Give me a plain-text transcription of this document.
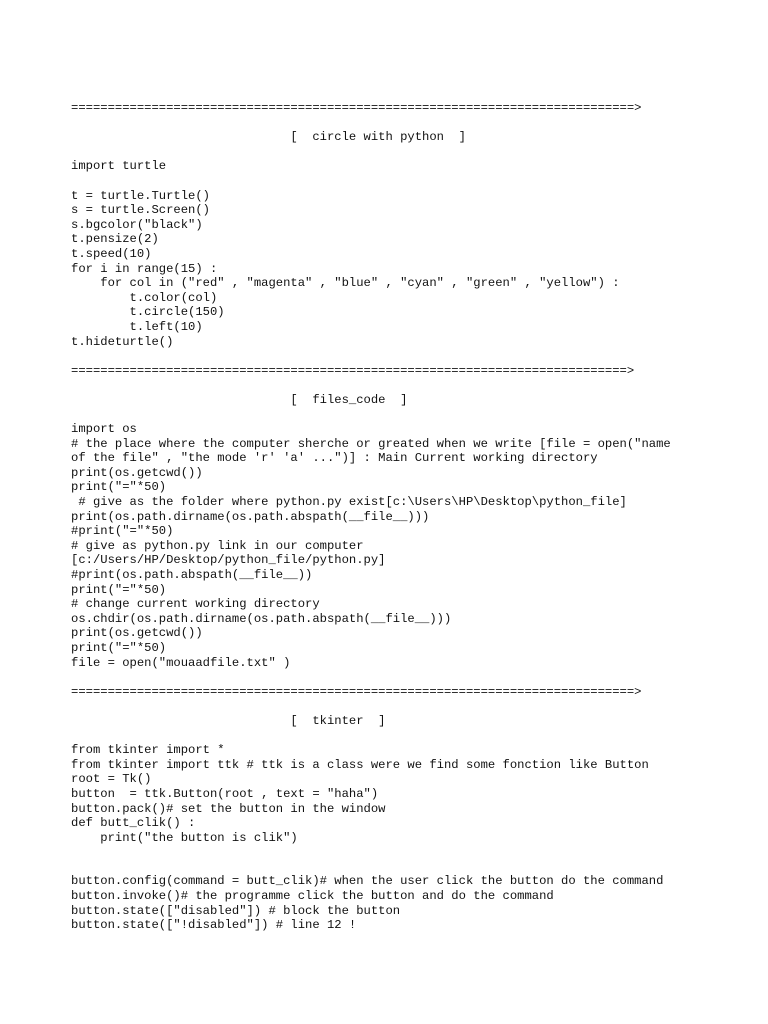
=============================================================================>
[  circle with python  ]
import turtle
t = turtle.Turtle()
s = turtle.Screen()
s.bgcolor("black")
t.pensize(2)
t.speed(10)
for i in range(15) :
for col in ("red" , "magenta" , "blue" , "cyan" , "green" , "yellow") :
t.color(col)
t.circle(150)
t.left(10)
t.hideturtle()
============================================================================>
[  files_code  ]
import os
# the place where the computer sherche or greated when we write [file = open("name
of the file" , "the mode 'r' 'a' ...")] : Main Current working directory
print(os.getcwd())
print("="*50)
# give as the folder where python.py exist[c:\Users\HP\Desktop\python_file]
print(os.path.dirname(os.path.abspath(__file__)))
#print("="*50)
# give as python.py link in our computer
[c:/Users/HP/Desktop/python_file/python.py]
#print(os.path.abspath(__file__))
print("="*50)
# change current working directory
os.chdir(os.path.dirname(os.path.abspath(__file__)))
print(os.getcwd())
print("="*50)
file = open("mouaadfile.txt" )
=============================================================================>
[  tkinter  ]
from tkinter import *
from tkinter import ttk # ttk is a class were we find some fonction like Button
root = Tk()
button  = ttk.Button(root , text = "haha")
button.pack()# set the button in the window
def butt_clik() :
print("the button is clik")
button.config(command = butt_clik)# when the user click the button do the command
button.invoke()# the programme click the button and do the command
button.state(["disabled"]) # block the button
button.state(["!disabled"]) # line 12 !
